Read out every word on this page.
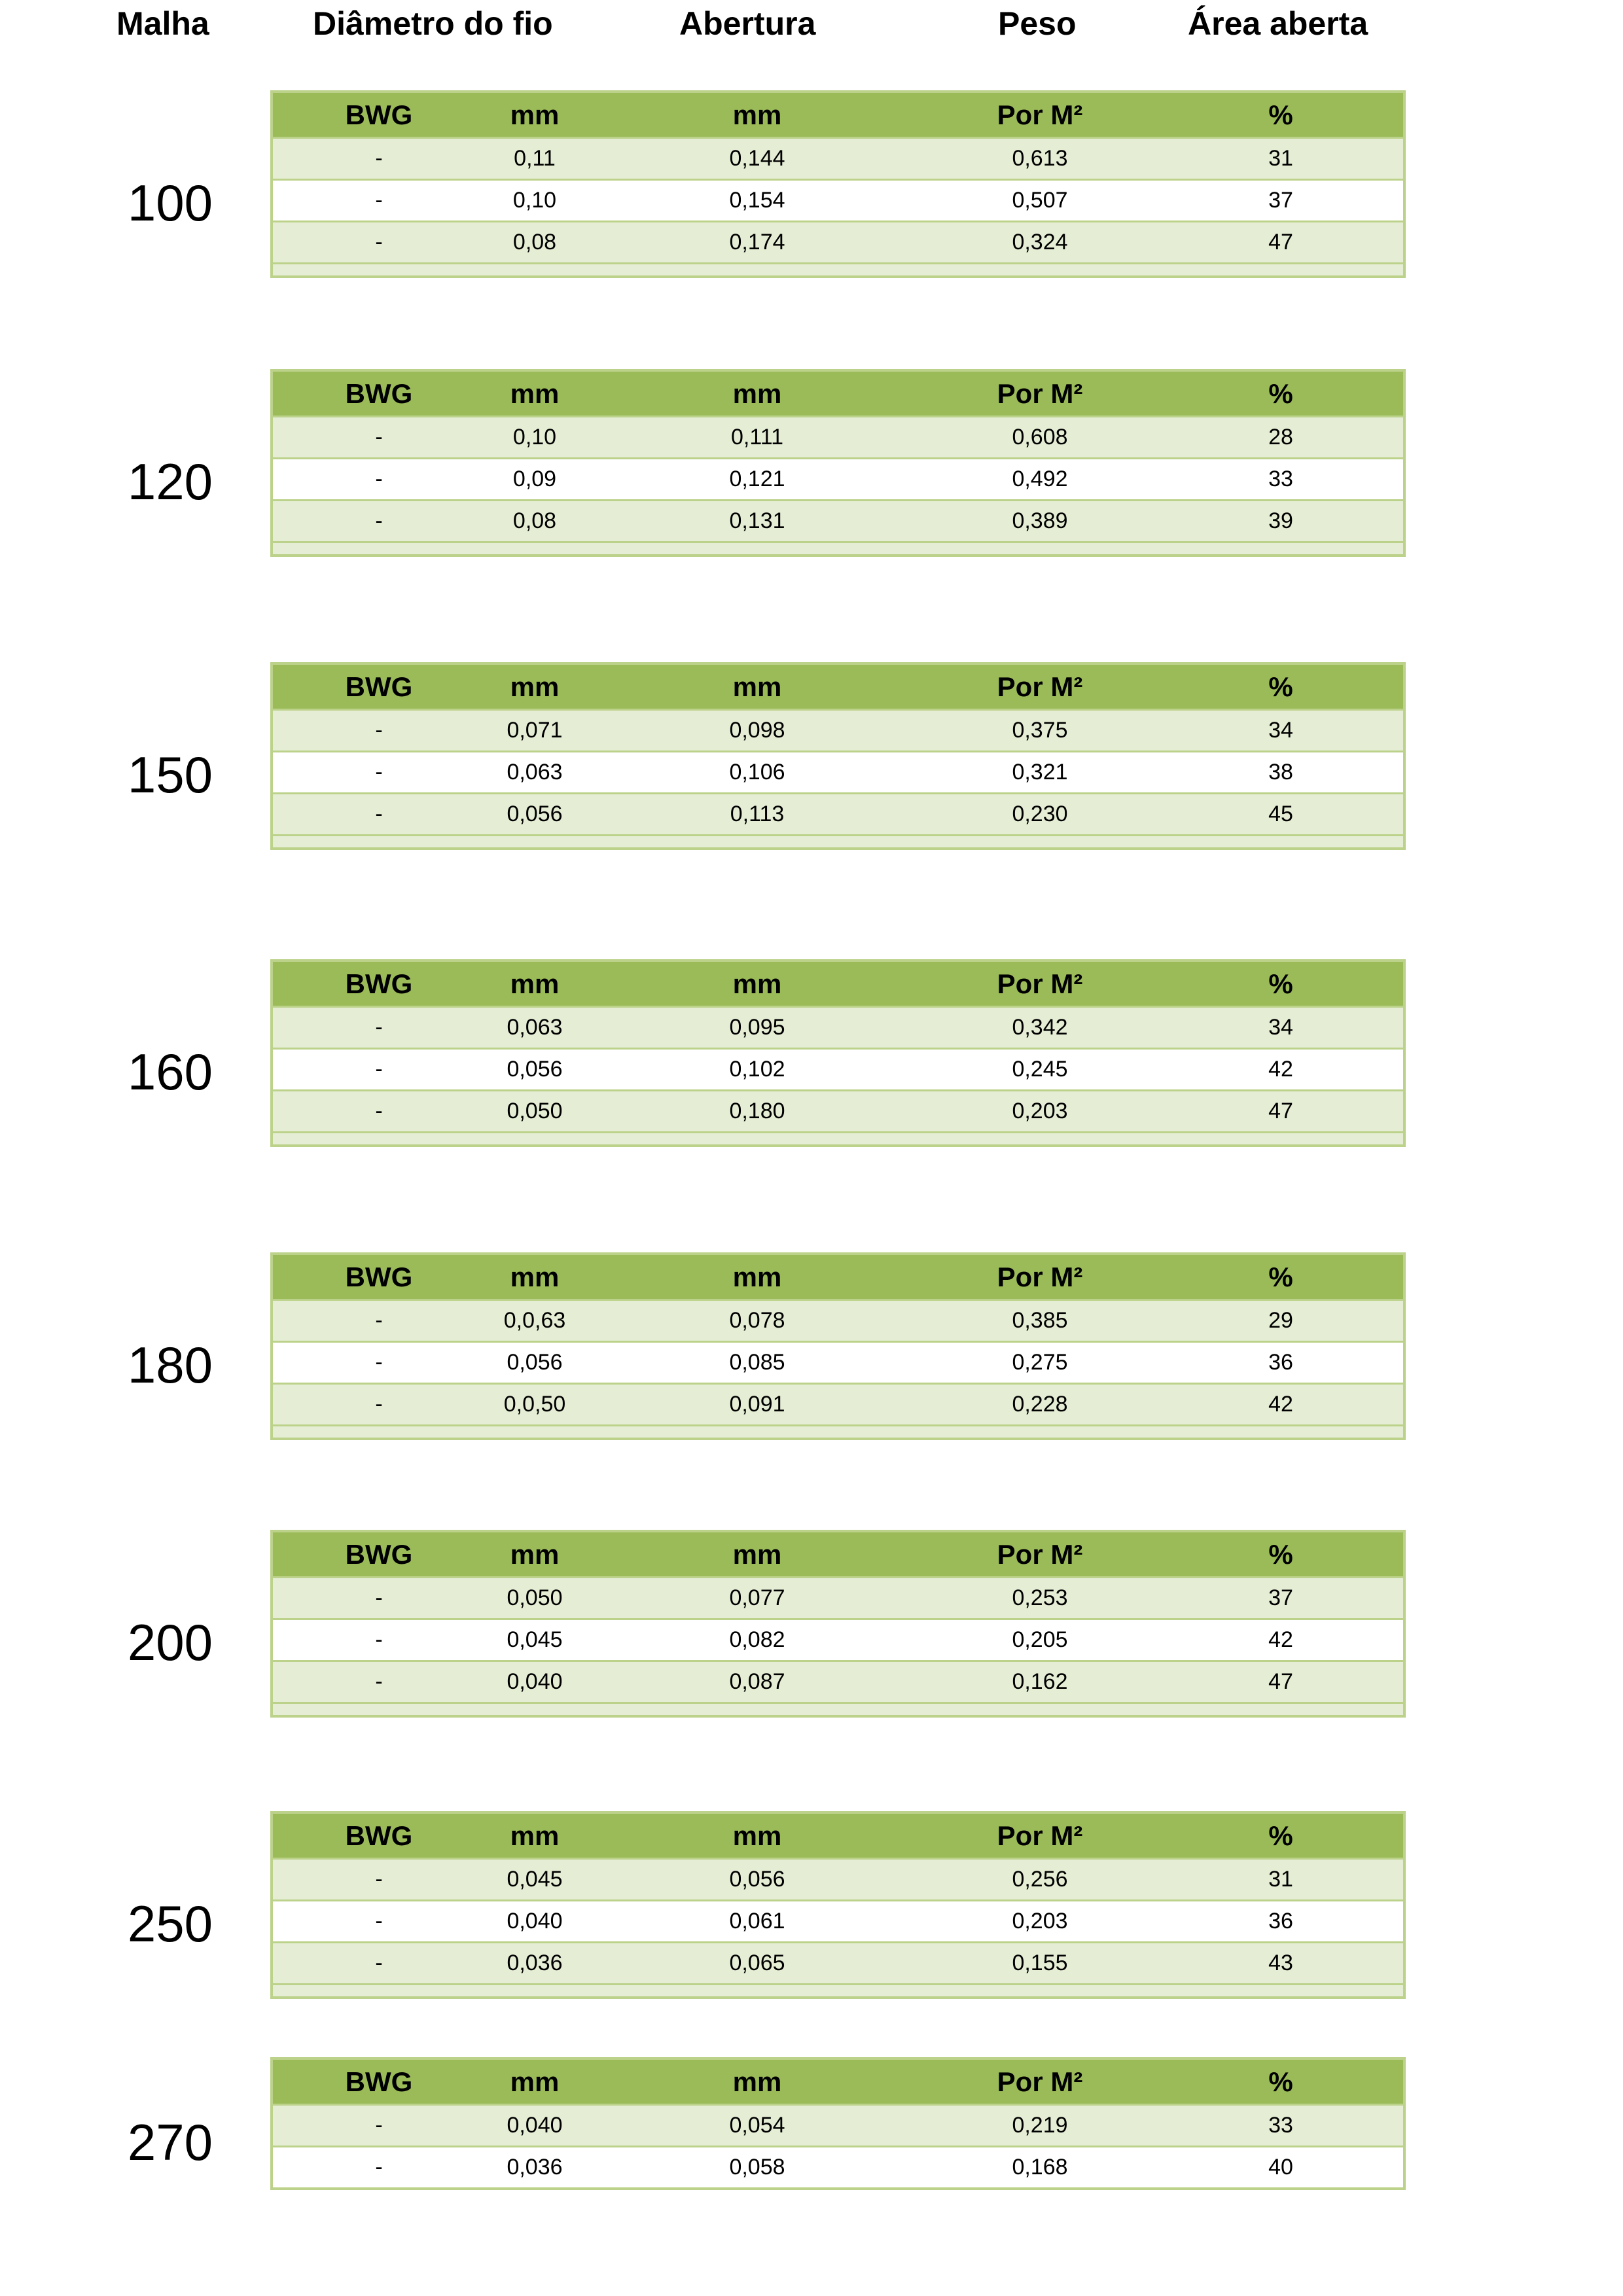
Malha	Diâmetro do fio	Abertura	Peso	Área aberta
BWG	mm	mm	Por M²	%
-	0,11	0,144	0,613	31
-	0,10	0,154	0,507	37
-	0,08	0,174	0,324	47
100
BWG	mm	mm	Por M²	%
-	0,10	0,111	0,608	28
-	0,09	0,121	0,492	33
-	0,08	0,131	0,389	39
120
BWG	mm	mm	Por M²	%
-	0,071	0,098	0,375	34
-	0,063	0,106	0,321	38
-	0,056	0,113	0,230	45
150
BWG	mm	mm	Por M²	%
-	0,063	0,095	0,342	34
-	0,056	0,102	0,245	42
-	0,050	0,180	0,203	47
160
BWG	mm	mm	Por M²	%
-	0,0,63	0,078	0,385	29
-	0,056	0,085	0,275	36
-	0,0,50	0,091	0,228	42
180
BWG	mm	mm	Por M²	%
-	0,050	0,077	0,253	37
-	0,045	0,082	0,205	42
-	0,040	0,087	0,162	47
200
BWG	mm	mm	Por M²	%
-	0,045	0,056	0,256	31
-	0,040	0,061	0,203	36
-	0,036	0,065	0,155	43
250
BWG	mm	mm	Por M²	%
-	0,040	0,054	0,219	33
-	0,036	0,058	0,168	40
270
